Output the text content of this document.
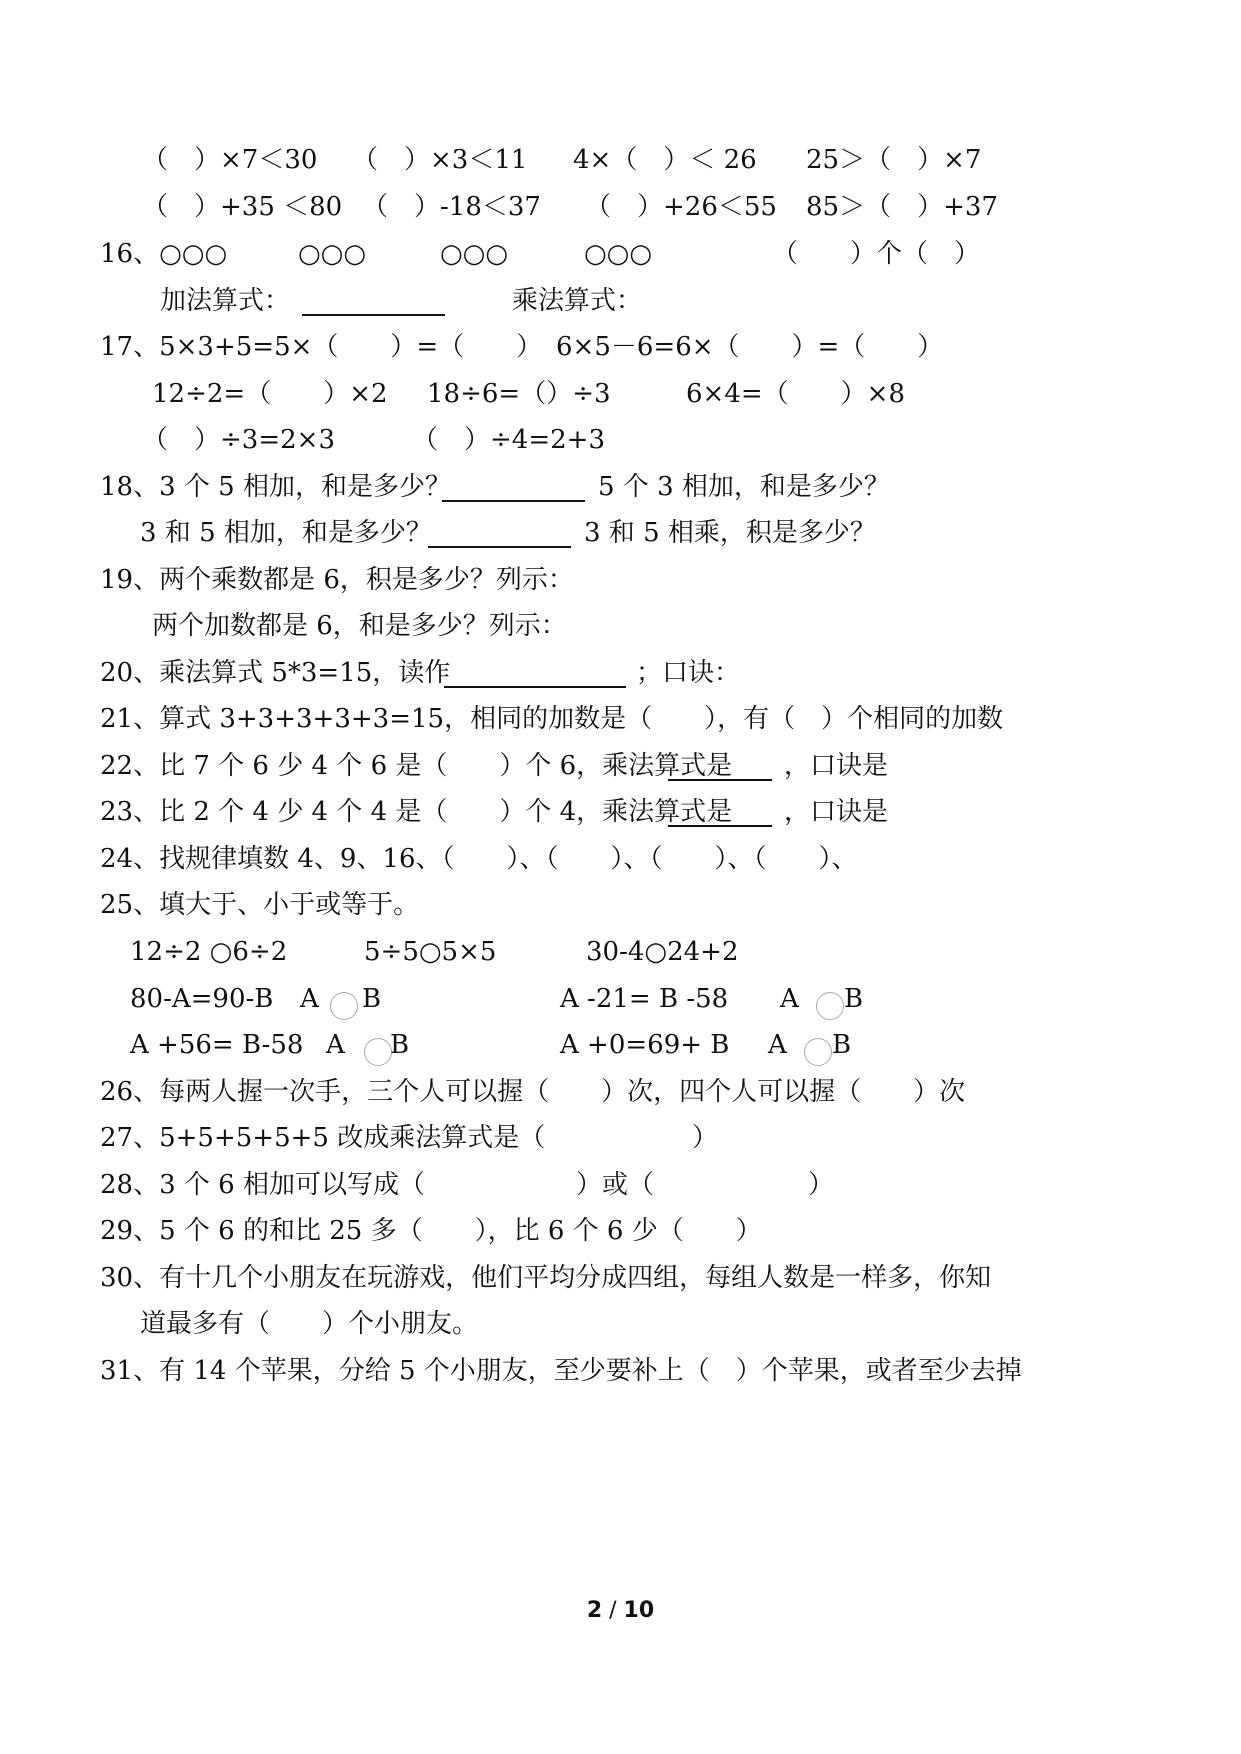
（　）×7＜30

（　）×3＜11

4×（　）＜ 26

25＞（　）×7

（　）+35 ＜80

（　）-18＜37

（　）+26＜55

85＞（　）+37

16、○○○

	○○○

	○○○

	○○○

	（　　）个（　）

加法算式：

	乘法算式：

17、5×3+5=5×（　　）=（　　）

6×5－6=6×（　　）=（　　）

12÷2=（　　）×2

18÷6=（）÷3

	6×4=（　　）×8

（　）÷3=2×3

	（　）÷4=2+3

18、3 个 5 相加，和是多少？

	5 个 3 相加，和是多少？

3 和 5 相加，和是多少？

	3 和 5 相乘，积是多少？

19、两个乘数都是 6，积是多少？列示：
两个加数都是 6，和是多少？列示：

20、乘法算式 5*3=15，读作

	；口诀：

21、算式 3+3+3+3+3=15，相同的加数是（　　），有（　）个相同的加数

22、比 7 个 6 少 4 个 6 是（　　）个 6，乘法算式是

，口诀是

23、比 2 个 4 少 4 个 4 是（　　）个 4，乘法算式是

，口诀是

24、找规律填数 4、9、16、（　　）、（　　）、（　　）、（　　）、
25、填大于、小于或等于。

12÷2 ○6÷2

	5÷5○5×5

	30-4○24+2

80-A=90-B

A

B

	A -21= B -58

A

B

A +56= B-58

A

B

	A +0=69+ B

A

B

26、每两人握一次手，三个人可以握（　　）次，四个人可以握（　　）次

27、5+5+5+5+5 改成乘法算式是（

	）

28、3 个 6 相加可以写成（

	）或（

	）

29、5 个 6 的和比 25 多（　　），比 6 个 6 少（　　）
30、有十几个小朋友在玩游戏，他们平均分成四组，每组人数是一样多，你知
道最多有（　　）个小朋友。
31、有 14 个苹果，分给 5 个小朋友，至少要补上（　）个苹果，或者至少去掉
2 / 10
